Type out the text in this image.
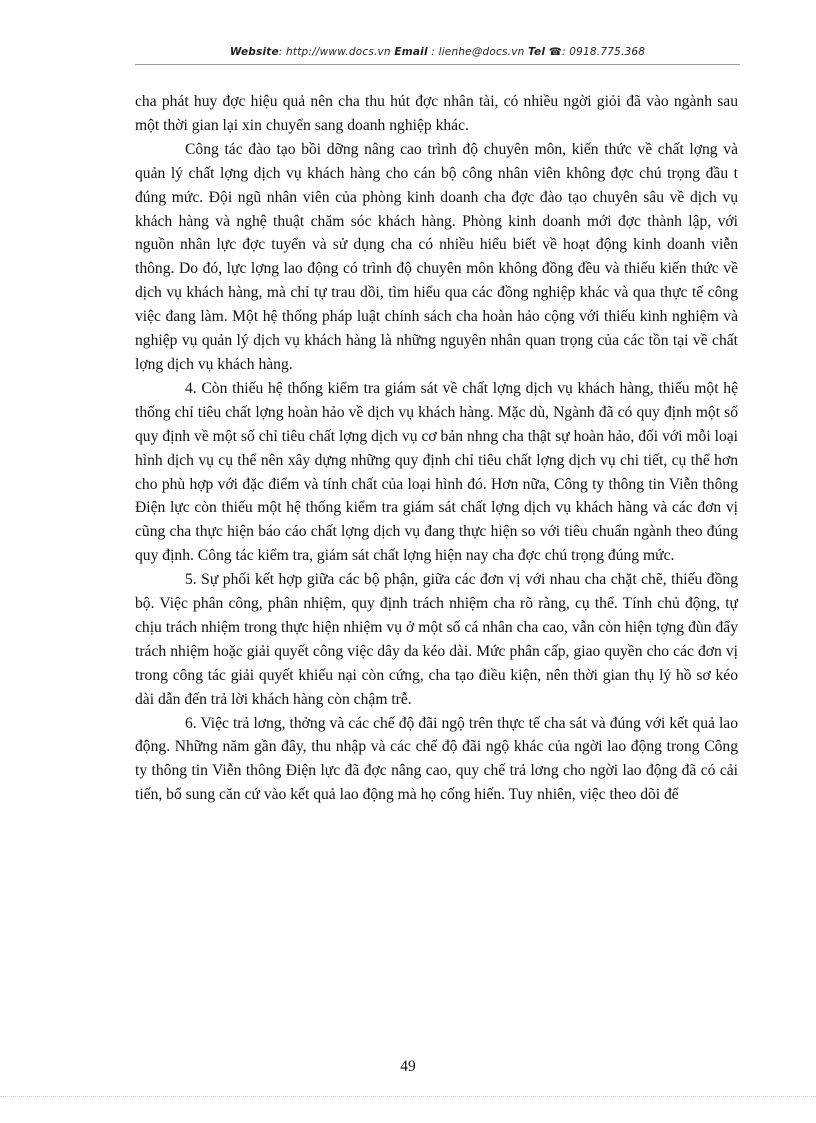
Website: http://www.docs.vn Email : lienhe@docs.vn Tel ☎: 0918.775.368

cha phát huy đợc hiệu quả nên cha thu hút đợc nhân tài, có nhiều ngời giỏi đã vào ngành sau một thời gian lại xin chuyển sang doanh nghiệp khác.

Công tác đào tạo bồi dỡng nâng cao trình độ chuyên môn, kiến thức về chất lợng và quản lý chất lợng dịch vụ khách hàng cho cán bộ công nhân viên không đợc chú trọng đầu t đúng mức. Đội ngũ nhân viên của phòng kinh doanh cha đợc đào tạo chuyên sâu về dịch vụ khách hàng và nghệ thuật chăm sóc khách hàng. Phòng kinh doanh mới đợc thành lập, với nguồn nhân lực đợc tuyển và sử dụng cha có nhiều hiểu biết về hoạt động kinh doanh viễn thông. Do đó, lực lợng lao động có trình độ chuyên môn không đồng đều và thiếu kiến thức về dịch vụ khách hàng, mà chỉ tự trau dồi, tìm hiểu qua các đồng nghiệp khác và qua thực tế công việc đang làm. Một hệ thống pháp luật chính sách cha hoàn hảo cộng với thiếu kinh nghiệm và nghiệp vụ quản lý dịch vụ khách hàng là những nguyên nhân quan trọng của các tồn tại về chất lợng dịch vụ khách hàng.

4. Còn thiếu hệ thống kiểm tra giám sát về chất lợng dịch vụ khách hàng, thiếu một hệ thống chỉ tiêu chất lợng hoàn hảo về dịch vụ khách hàng. Mặc dù, Ngành đã có quy định một số quy định về một số chỉ tiêu chất lợng dịch vụ cơ bản nhng cha thật sự hoàn hảo, đối với mỗi loại hình dịch vụ cụ thể nên xây dựng những quy định chỉ tiêu chất lợng dịch vụ chi tiết, cụ thể hơn cho phù hợp với đặc điểm và tính chất của loại hình đó. Hơn nữa, Công ty thông tin Viễn thông Điện lực còn thiếu một hệ thống kiểm tra giám sát chất lợng dịch vụ khách hàng và các đơn vị cũng cha thực hiện báo cáo chất lợng dịch vụ đang thực hiện so với tiêu chuẩn ngành theo đúng quy định. Công tác kiểm tra, giám sát chất lợng hiện nay cha đợc chú trọng đúng mức.

5. Sự phối kết hợp giữa các bộ phận, giữa các đơn vị với nhau cha chặt chẽ, thiếu đồng bộ. Việc phân công, phân nhiệm, quy định trách nhiệm cha rõ ràng, cụ thể. Tính chủ động, tự chịu trách nhiệm trong thực hiện nhiệm vụ ở một số cá nhân cha cao, vẫn còn hiện tợng đùn đẩy trách nhiệm hoặc giải quyết công việc dây da kéo dài. Mức phân cấp, giao quyền cho các đơn vị trong công tác giải quyết khiếu nại còn cứng, cha tạo điều kiện, nên thời gian thụ lý hồ sơ kéo dài dẫn đến trả lời khách hàng còn chậm trễ.

6. Việc trả lơng, thởng và các chế độ đãi ngộ trên thực tế cha sát và đúng với kết quả lao động. Những năm gần đây, thu nhập và các chế độ đãi ngộ khác của ngời lao động trong Công ty thông tin Viễn thông Điện lực đã đợc nâng cao, quy chế trả lơng cho ngời lao động đã có cải tiến, bổ sung căn cứ vào kết quả lao động mà họ cống hiến. Tuy nhiên, việc theo dõi để

49
